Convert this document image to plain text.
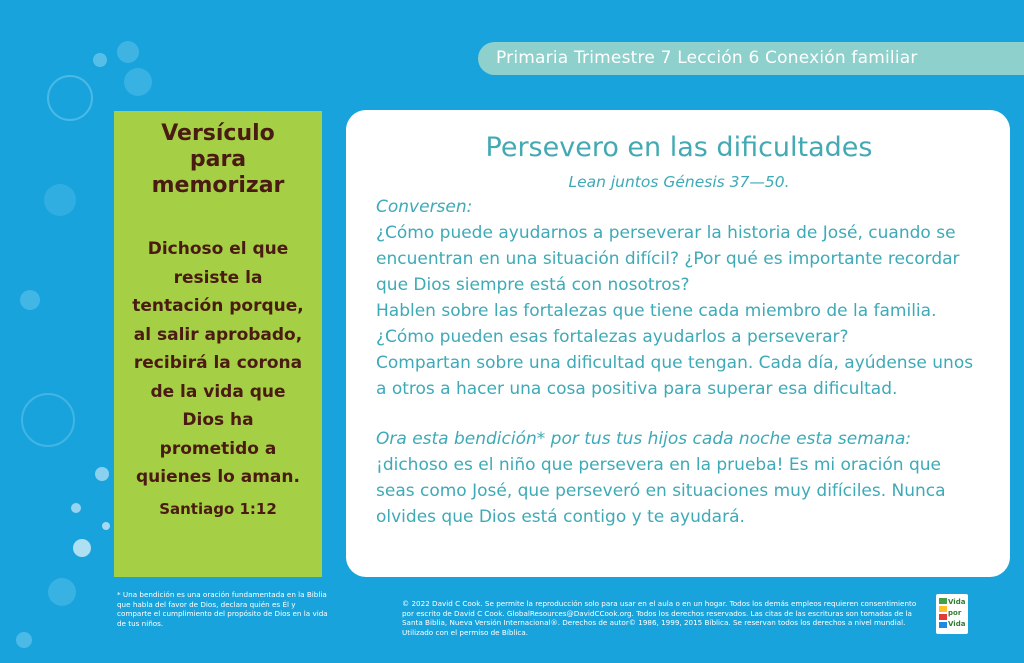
Primaria Trimestre 7 Lección 6 Conexión familiar
Versículo para memorizar
Dichoso el que resiste la tentación porque, al salir aprobado, recibirá la corona de la vida que Dios ha prometido a quienes lo aman.
Santiago 1:12
Persevero en las dificultades
Lean juntos Génesis 37—50.
Conversen:
¿Cómo puede ayudarnos a perseverar la historia de José, cuando se encuentran en una situación difícil? ¿Por qué es importante recordar que Dios siempre está con nosotros?
Hablen sobre las fortalezas que tiene cada miembro de la familia. ¿Cómo pueden esas fortalezas ayudarlos a perseverar?
Compartan sobre una dificultad que tengan. Cada día, ayúdense unos a otros a hacer una cosa positiva para superar esa dificultad.
Ora esta bendición* por tus tus hijos cada noche esta semana:
¡dichoso es el niño que persevera en la prueba! Es mi oración que seas como José, que perseveró en situaciones muy difíciles. Nunca olvides que Dios está contigo y te ayudará.
* Una bendición es una oración fundamentada en la Biblia que habla del favor de Dios, declara quién es Él y comparte el cumplimiento del propósito de Dios en la vida de tus niños.
© 2022 David C Cook. Se permite la reproducción solo para usar en el aula o en un hogar. Todos los demás empleos requieren consentimiento por escrito de David C Cook. GlobalResources@DavidCCook.org. Todos los derechos reservados. Las citas de las escrituras son tomadas de la Santa Biblia, Nueva Versión Internacional®. Derechos de autor© 1986, 1999, 2015 Bíblica. Se reservan todos los derechos a nivel mundial. Utilizado con el permiso de Bíblica.
Vida
por
Vida
